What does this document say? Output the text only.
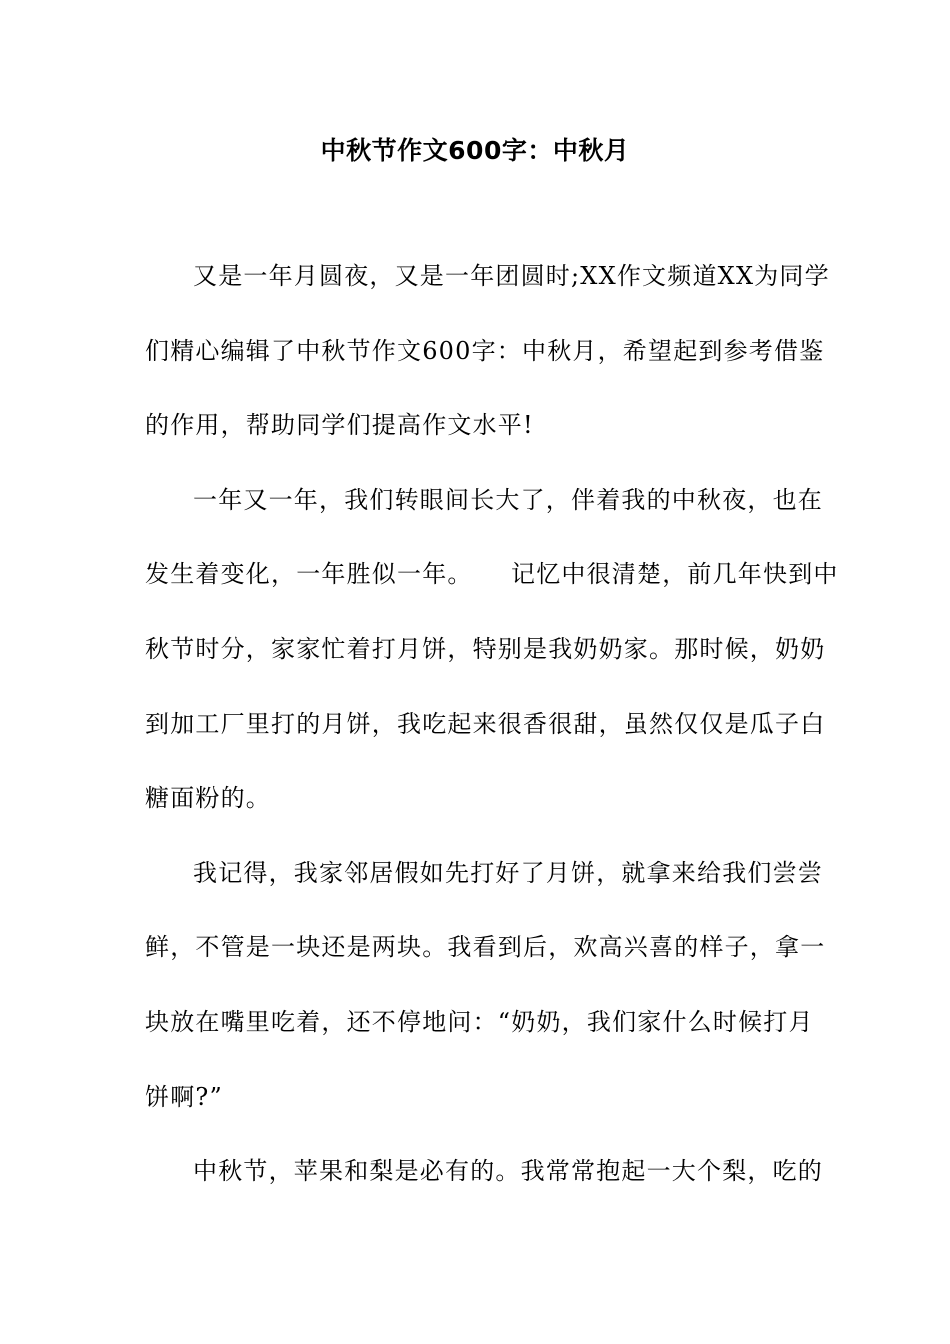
中秋节作文600字：中秋月
又是一年月圆夜，又是一年团圆时;XX作文频道XX为同学
们精心编辑了中秋节作文600字：中秋月，希望起到参考借鉴
的作用，帮助同学们提高作文水平!
一年又一年，我们转眼间长大了，伴着我的中秋夜，也在
发生着变化，一年胜似一年。　　记忆中很清楚，前几年快到中
秋节时分，家家忙着打月饼，特别是我奶奶家。那时候，奶奶
到加工厂里打的月饼，我吃起来很香很甜，虽然仅仅是瓜子白
糖面粉的。
我记得，我家邻居假如先打好了月饼，就拿来给我们尝尝
鲜，不管是一块还是两块。我看到后，欢高兴喜的样子，拿一
块放在嘴里吃着，还不停地问：“奶奶，我们家什么时候打月
饼啊?”
中秋节，苹果和梨是必有的。我常常抱起一大个梨，吃的
